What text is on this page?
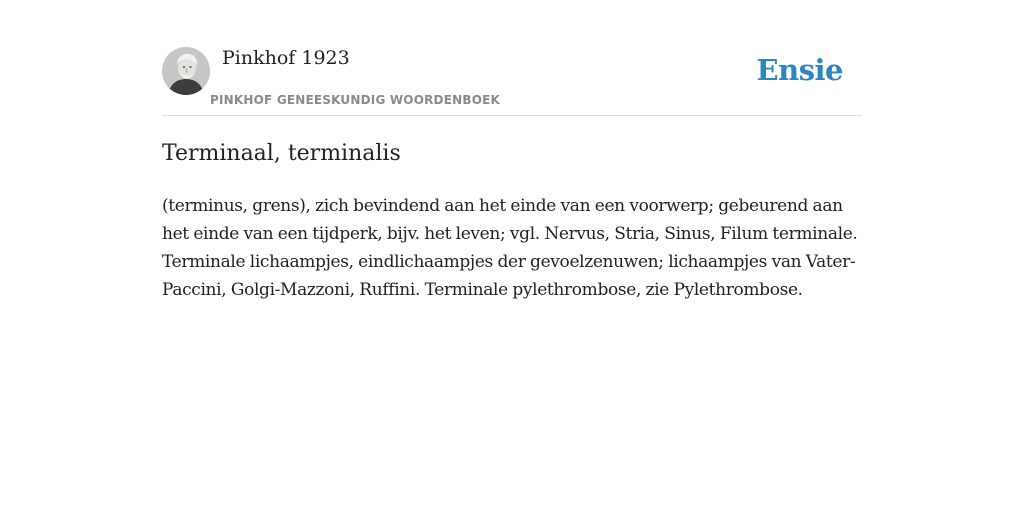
Pinkhof 1923
PINKHOF GENEESKUNDIG WOORDENBOEK
Ensie
Terminaal, terminalis

(terminus, grens), zich bevindend aan het einde van een voorwerp; gebeurend aan het einde van een tijdperk, bijv. het leven; vgl. Nervus, Stria, Sinus, Filum terminale. Terminale lichaampjes, eindlichaampjes der gevoelzenuwen; lichaampjes van Vater-Paccini, Golgi-Mazzoni, Ruffini. Terminale pylethrombose, zie Pylethrombose.
